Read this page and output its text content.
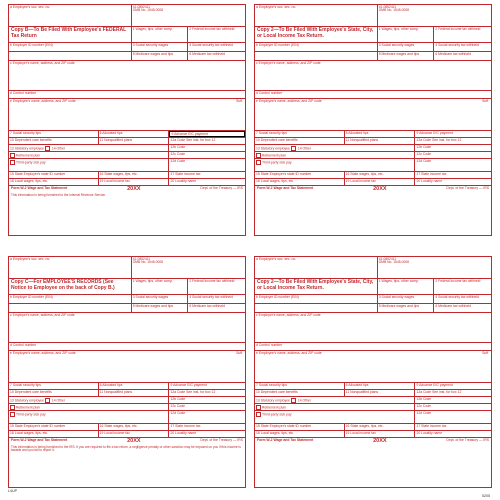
a Employee's soc. sec. no.	41-0852411
OMB No. 1545-0008
Copy B—To Be Filed With Employee's FEDERAL Tax Return
1 Wages, tips, other comp.	2 Federal income tax withheld
b Employer ID number (EIN)	3 Social security wages	4 Social security tax withheld
5 Medicare wages and tips	6 Medicare tax withheld
c Employer's name, address, and ZIP code
d Control number
e Employee's name, address, and ZIP code	Suff.
7 Social security tips	8 Allocated tips	9 Advance EIC payment
10 Dependent care benefits	11 Nonqualified plans	12a Code See inst. for box 12
13 Statutory employee 14 Other	12b Code
Retirement plan	12c Code
Third-party sick pay	12d Code
15 State Employer's state ID number	16 State wages, tips, etc.	17 State income tax
18 Local wages, tips, etc.	19 Local income tax	20 Locality name
Form W-2 Wage and Tax Statement	20XX	Dept. of the Treasury — IRS
This information is being furnished to the Internal Revenue Service.
a Employee's soc. sec. no.	41-0852411
OMB No. 1545-0008
Copy 2—To Be Filed With Employee's State, City, or Local Income Tax Return.
1 Wages, tips, other comp.	2 Federal income tax withheld
b Employer ID number (EIN)	3 Social security wages	4 Social security tax withheld
5 Medicare wages and tips	6 Medicare tax withheld
c Employer's name, address, and ZIP code
d Control number
e Employee's name, address, and ZIP code	Suff.
7 Social security tips	8 Allocated tips	9 Advance EIC payment
10 Dependent care benefits	11 Nonqualified plans	12a Code See inst. for box 12
13 Statutory employee 14 Other	12b Code
Retirement plan	12c Code
Third-party sick pay	12d Code
15 State Employer's state ID number	16 State wages, tips, etc.	17 State income tax
18 Local wages, tips, etc.	19 Local income tax	20 Locality name
Form W-2 Wage and Tax Statement	20XX	Dept. of the Treasury — IRS
a Employee's soc. sec. no.	41-0852411
OMB No. 1545-0008
Copy C—For EMPLOYEE'S RECORDS (See Notice to Employee on the back of Copy B.)
1 Wages, tips, other comp.	2 Federal income tax withheld
b Employer ID number (EIN)	3 Social security wages	4 Social security tax withheld
5 Medicare wages and tips	6 Medicare tax withheld
c Employer's name, address, and ZIP code
d Control number
e Employee's name, address, and ZIP code	Suff.
7 Social security tips	8 Allocated tips	9 Advance EIC payment
10 Dependent care benefits	11 Nonqualified plans	12a Code See inst. for box 12
13 Statutory employee 14 Other	12b Code
Retirement plan	12c Code
Third-party sick pay	12d Code
15 State Employer's state ID number	16 State wages, tips, etc.	17 State income tax
18 Local wages, tips, etc.	19 Local income tax	20 Locality name
Form W-2 Wage and Tax Statement	20XX	Dept. of the Treasury — IRS
This information is being furnished to the IRS. If you are required to file a tax return, a negligence penalty or other sanction may be imposed on you if this income is taxable and you fail to report it.
a Employee's soc. sec. no.	41-0852411
OMB No. 1545-0008
Copy 2—To Be Filed With Employee's State, City, or Local Income Tax Return.
1 Wages, tips, other comp.	2 Federal income tax withheld
b Employer ID number (EIN)	3 Social security wages	4 Social security tax withheld
5 Medicare wages and tips	6 Medicare tax withheld
c Employer's name, address, and ZIP code
d Control number
e Employee's name, address, and ZIP code	Suff.
7 Social security tips	8 Allocated tips	9 Advance EIC payment
10 Dependent care benefits	11 Nonqualified plans	12a Code See inst. for box 12
13 Statutory employee 14 Other	12b Code
Retirement plan	12c Code
Third-party sick pay	12d Code
15 State Employer's state ID number	16 State wages, tips, etc.	17 State income tax
18 Local wages, tips, etc.	19 Local income tax	20 Locality name
Form W-2 Wage and Tax Statement	20XX	Dept. of the Treasury — IRS
L4UP
5205
